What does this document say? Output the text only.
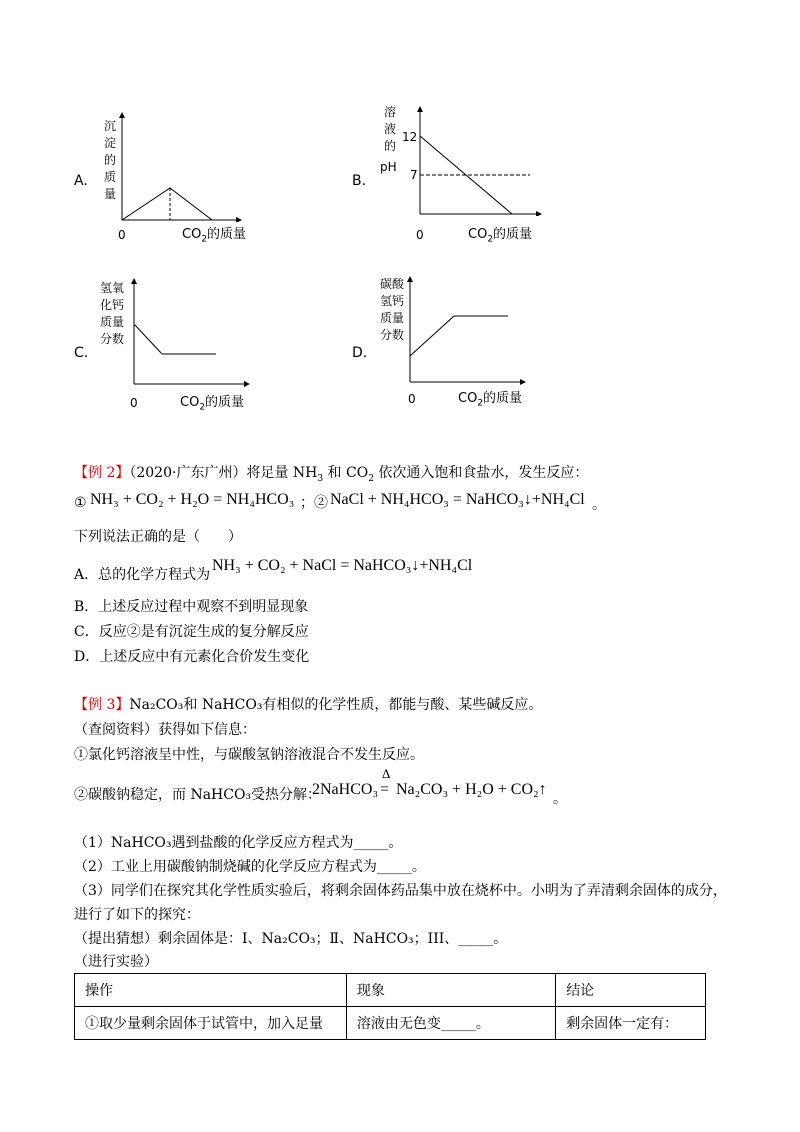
A.
沉
淀
的
质
量
0	$CO_2$的质量
B.
溶
液
的
pH
12
7
0	$CO_2$的质量
C.
氢氧
化钙
质量
分数
0	$CO_2$的质量
D.
碳酸
氢钙
质量
分数
0	$CO_2$的质量
【例 2】（2020·广东广州）将足量 $NH_3$ 和 $CO_2$ 依次通入饱和食盐水，发生反应：
① NH₃ + CO₂ + H₂O = NH₄HCO₃ ；② NaCl + NH₄HCO₃ = NaHCO₃↓+NH₄Cl 。
下列说法正确的是（　　）
A．总的化学方程式为
NH₃ + CO₂ + NaCl = NaHCO₃↓+NH₄Cl
B．上述反应过程中观察不到明显现象
C．反应②是有沉淀生成的复分解反应
D．上述反应中有元素化合价发生变化
【例 3】Na₂CO₃和 NaHCO₃有相似的化学性质，都能与酸、某些碱反应。
（查阅资料）获得如下信息：
①氯化钙溶液呈中性，与碳酸氢钠溶液混合不发生反应。
②碳酸钠稳定，而 NaHCO₃受热分解：
2NaHCO₃
Δ
= Na₂CO₃ + H₂O + CO₂↑
。
（1）NaHCO₃遇到盐酸的化学反应方程式为_____。
（2）工业上用碳酸钠制烧碱的化学反应方程式为_____。
（3）同学们在探究其化学性质实验后，将剩余固体药品集中放在烧杯中。小明为了弄清剩余固体的成分，
进行了如下的探究：
（提出猜想）剩余固体是：I、Na₂CO₃；Ⅱ、NaHCO₃；III、_____。
（进行实验）
操作	现象	结论
①取少量剩余固体于试管中，加入足量	溶液由无色变_____。	剩余固体一定有：
